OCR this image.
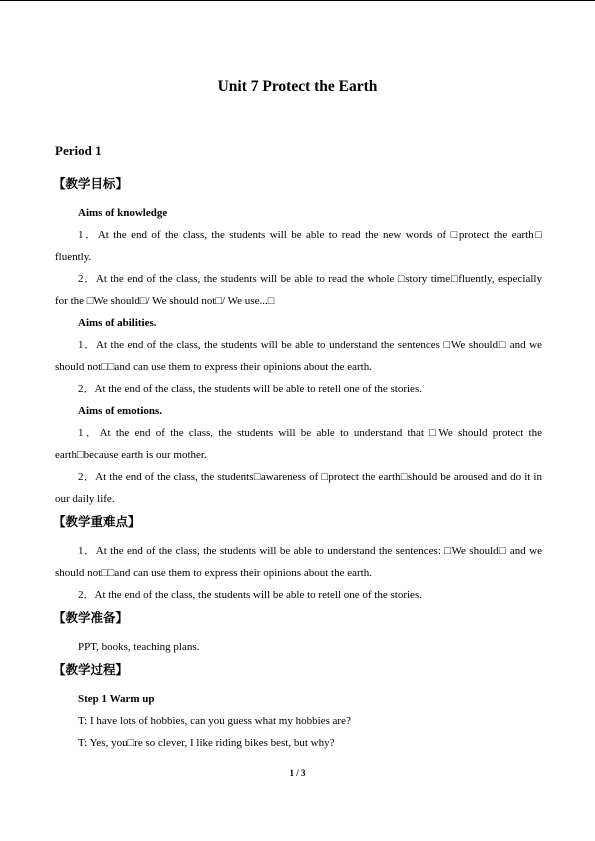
Unit 7 Protect the Earth
Period 1
【教学目标】
Aims of knowledge
1．At the end of the class, the students will be able to read the new words of □protect the earth□ fluently.
2．At the end of the class, the students will be able to read the whole □story time□fluently, especially for the □We should□/ We should not□/ We use...□
Aims of abilities.
1．At the end of the class, the students will be able to understand the sentences □We should□ and we should not□□and can use them to express their opinions about the earth.
2．At the end of the class, the students will be able to retell one of the stories.
Aims of emotions.
1．At the end of the class, the students will be able to understand that □We should protect the earth□because earth is our mother.
2．At the end of the class, the students□awareness of □protect the earth□should be aroused and do it in our daily life.
【教学重难点】
1．At the end of the class, the students will be able to understand the sentences: □We should□ and we should not□□and can use them to express their opinions about the earth.
2．At the end of the class, the students will be able to retell one of the stories.
【教学准备】
PPT, books, teaching plans.
【教学过程】
Step 1 Warm up
T: I have lots of hobbies, can you guess what my hobbies are?
T: Yes, you□re so clever, I like riding bikes best, but why?
1 / 3
